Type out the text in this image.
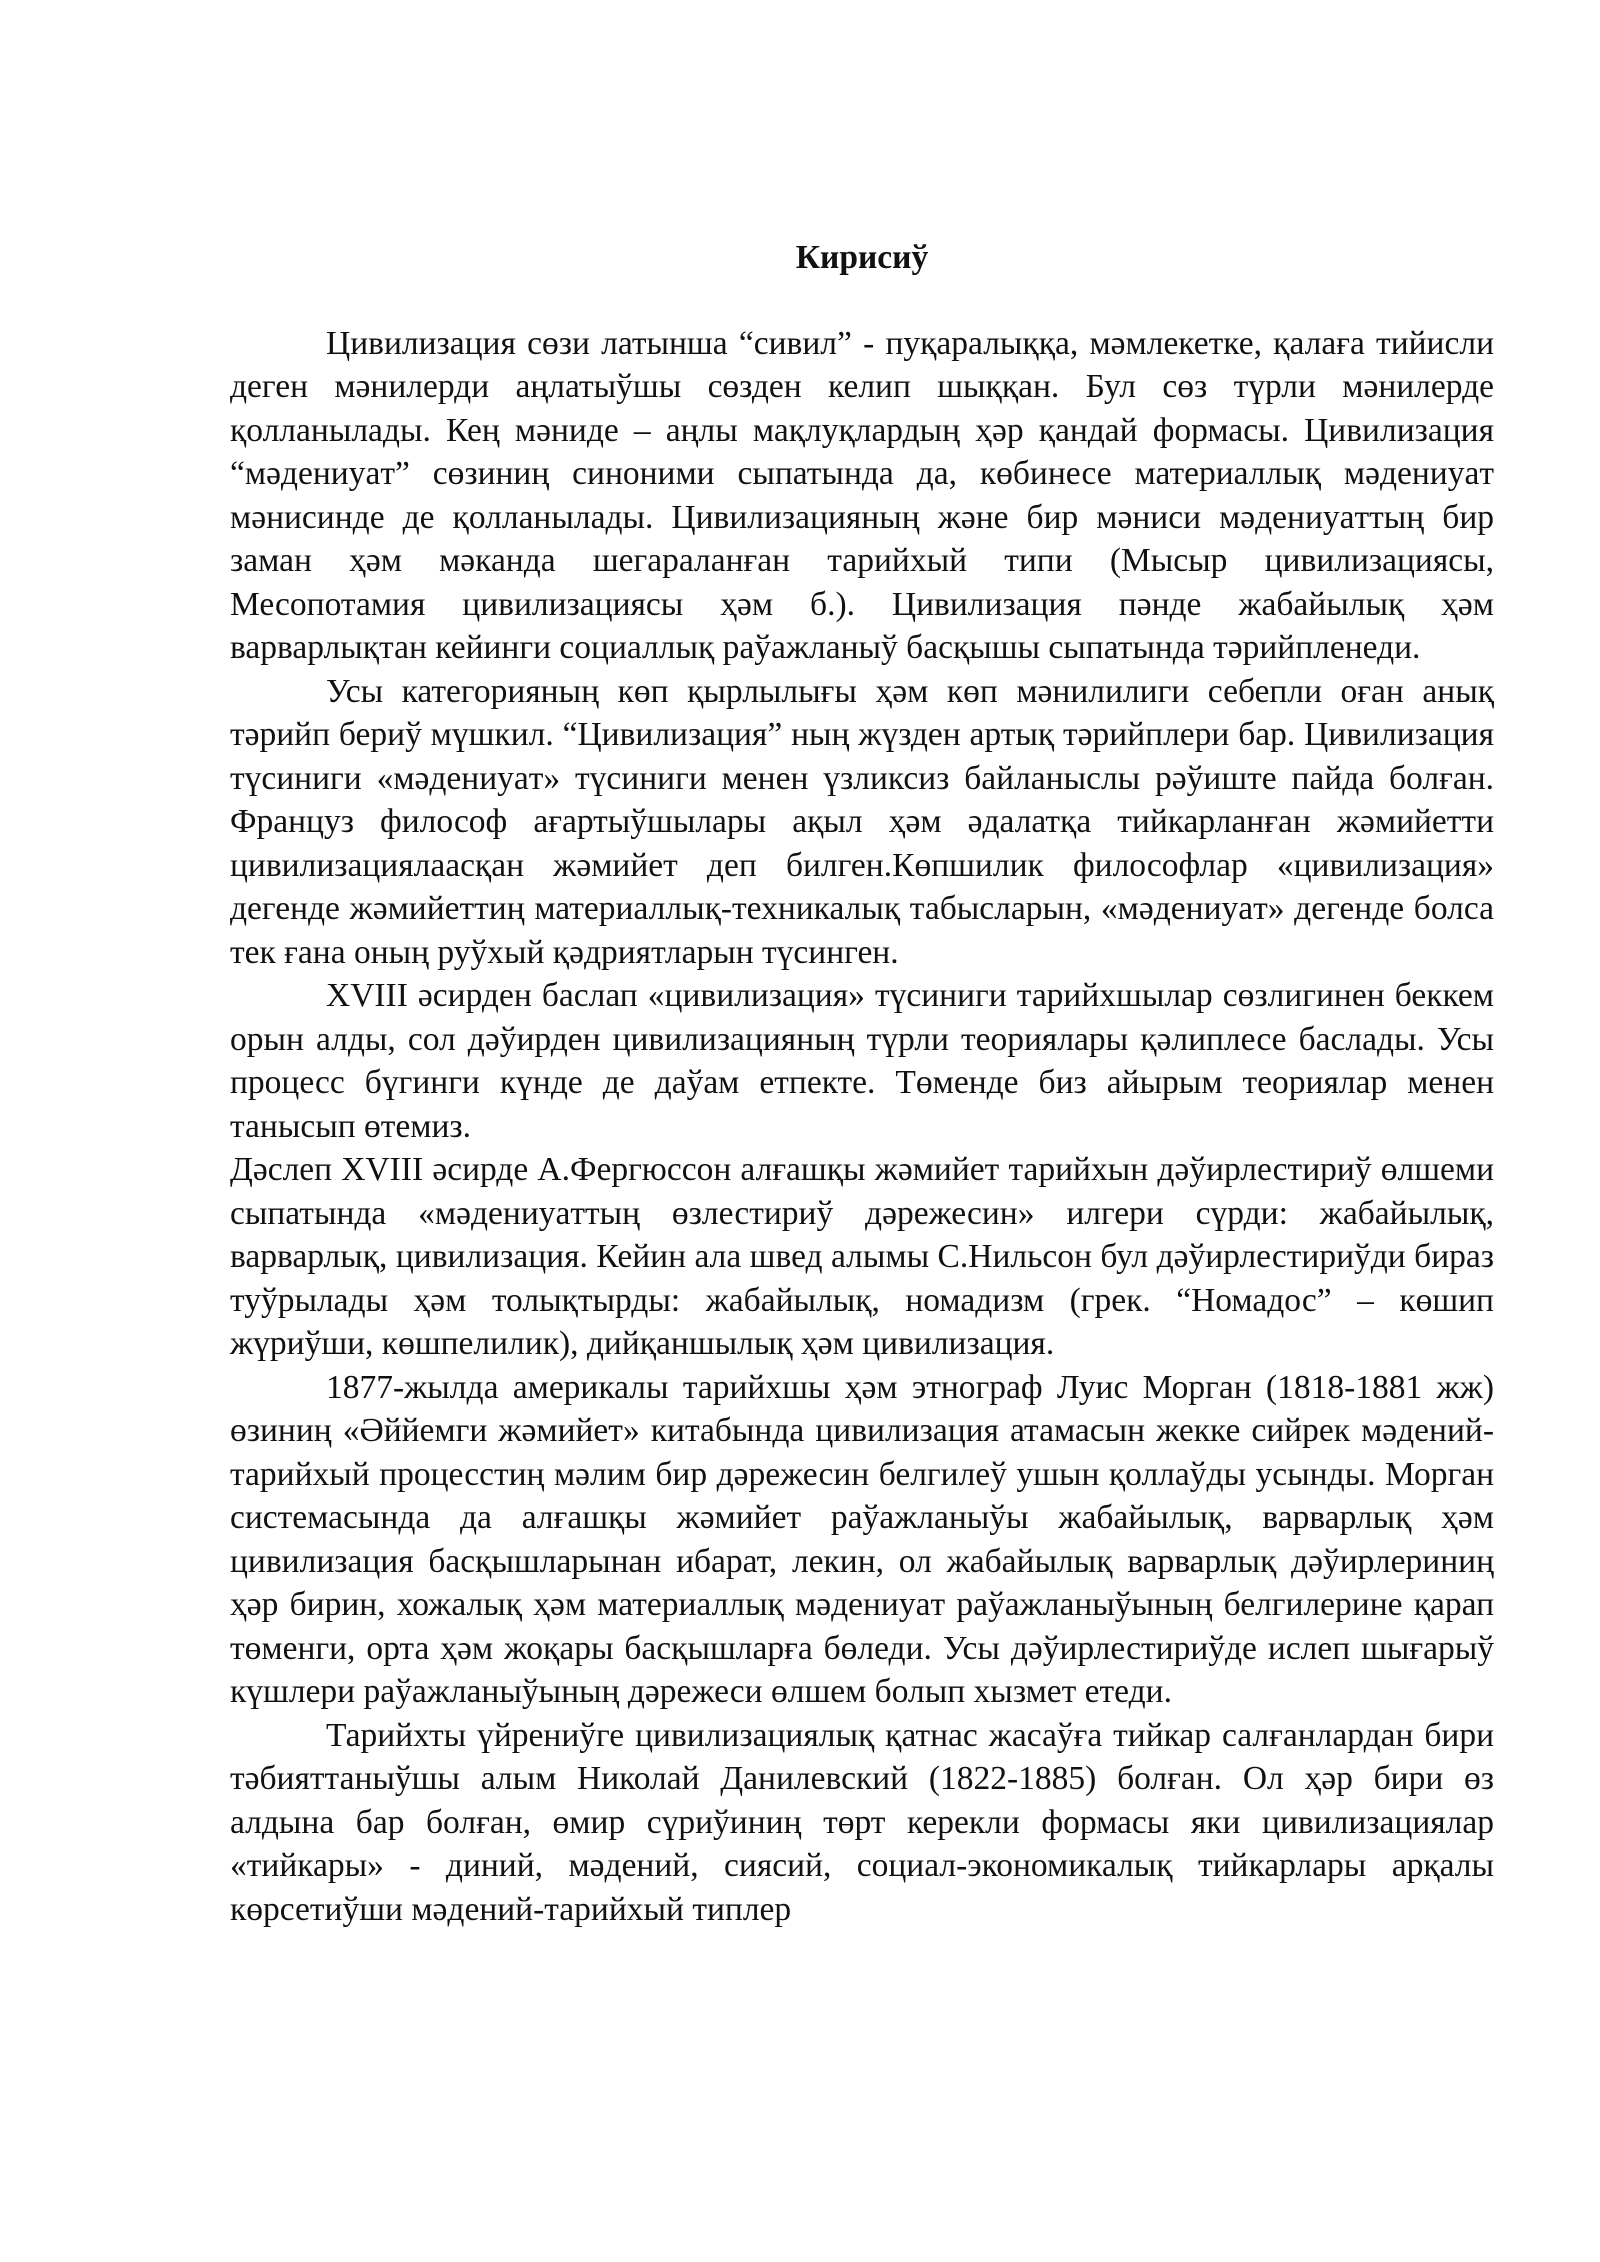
Кирисиў

Цивилизация сөзи латынша “сивил” - пуқаралыққа, мәмлекетке, қалаға тийисли деген мәнилерди аңлатыўшы сөзден келип шыққан. Бул сөз түрли мәнилерде қолланылады. Кең мәниде – аңлы мақлуқлардың ҳәр қандай формасы. Цивилизация “мәдениyaт” сөзиниң синоними сыпатында да, көбинесе материаллық мәдениyaт мәнисинде де қолланылады. Цивилизацияның және бир мәниси мәдениyaттың бир заман ҳәм мәканда шегараланған тарийхый типи (Мысыр цивилизациясы, Месопотамия цивилизациясы ҳәм б.). Цивилизация пәнде жабайылық ҳәм варварлықтан кейинги социаллық раўажланыў басқышы сыпатында тәрийпленеди.

Усы категорияның көп қырлылығы ҳәм көп мәнилилиги себепли оған анық тәрийп бериў мүшкил. “Цивилизация” ның жүзден артық тәрийплери бар. Цивилизация түсиниги «мәдениyaт» түсиниги менен үзликсиз байланыслы рәўиште пайда болған. Француз философ ағартыўшылары ақыл ҳәм әдалатқа тийкарланған жәмийетти цивилизациялаасқан жәмийет деп билген.Көпшилик философлар «цивилизация» дегенде жәмийеттиң материаллық-техникалық табысларын, «мәдениyaт» дегенде болса тек ғана оның руўхый қәдриятларын түсинген.

XVIII әсирден баслап «цивилизация» түсиниги тарийхшылар сөзлигинен беккем орын алды, сол дәўирден цивилизацияның түрли теориялары қәлиплесе баслады. Усы процесс бүгинги күнде де даўам етпекте. Төменде биз айырым теориялар менен танысып өтемиз.

Дәслеп XVIII әсирде А.Фергюссон алғашқы жәмийет тарийхын дәўирлестириў өлшеми сыпатында «мәдениyaттың өзлестириў дәрежесин» илгери сүрди: жабайылық, варварлық, цивилизация. Кейин ала швед алымы С.Нильсон бул дәўирлестириўди бираз туўрылады ҳәм толықтырды: жабайылық, номадизм (грек. “Номадос” – көшип жүриўши, көшпелилик), дийқаншылық ҳәм цивилизация.

1877-жылда америкалы тарийхшы ҳәм этнограф Луис Морган (1818-1881 жж) өзиниң «Әййемги жәмийет» китабында цивилизация атамасын жекке сийрек мәдений-тарийхый процесстиң мәлим бир дәрежесин белгилеў ушын қоллаўды усынды. Морган системасында да алғашқы жәмийет раўажланыўы жабайылық, варварлық ҳәм цивилизация басқышларынан ибарат, лекин, ол жабайылық варварлық дәўирлериниң ҳәр бирин, хожалық ҳәм материаллық мәдениyaт раўажланыўының белгилерине қарап төменги, орта ҳәм жоқары басқышларға бөледи. Усы дәўирлестириўде ислеп шығарыў күшлери раўажланыўының дәрежеси өлшем болып хызмет етеди.

Тарийхты үйрениўге цивилизациялық қатнас жасаўға тийкар салғанлардан бири тәбияттаныўшы алым Николай Данилевский (1822-1885) болған. Ол ҳәр бири өз алдына бар болған, өмир сүриўиниң төрт керекли формасы яки цивилизациялар «тийкары» - диний, мәдений, сиясий, социал-экономикалық тийкарлары арқалы көрсетиўши мәдений-тарийхый типлер
